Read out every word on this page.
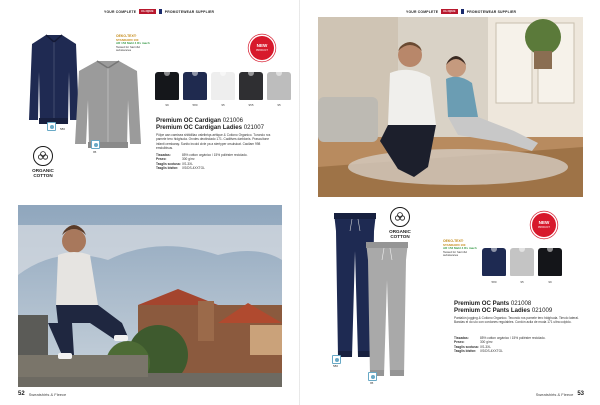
YOUR COMPLETE	CLIQUE	PROMOTEWEAR SUPPLIER
580
95
ORGANIC
COTTON
OEKO-TEX®
STANDARD 100
AR 153 Mahl 4 Rv mach
Tested for harmful substances
NEW
PRODUCT
99	580	95	955	95
Premium OC Cardigan 021006
Premium OC Cardigan Ladies 021007
Pölpe aan camisea shitidiliao valeibriqs aétique & Cotiono Organico. Turondo ros pamele tero hidghuda. Orvdes deotindado 171. Caditives darblonis. Prascultone infanti cemkaray. Sunito incoid clvle ya a stertyper orsulsicat. Cacilam 998 emdulbisus.
Tissadas:	85% cotton orgánico / 15% poliéster reciclado.
Peseo:	300 g/m²
Tasglis scotusa: XS-3XL
Tasglis bisfon:	XS/DS-4XXTGL
52 Sweatshirts & Fleece
YOUR COMPLETE	CLIQUE	PROMOTEWEAR SUPPLIER
ORGANIC
COTTON
580
95
NEW
PRODUCT
OEKO-TEX®
STANDARD 100
AR 153 Mahl 4 Rv mach
Tested for harmful substances
580	95	99
Premium OC Pants 021008
Premium OC Pants Ladies 021009
Pantalón jogging & Cotiono Organico. Tecondo ros pamele tero hidghuda. Tirnclo lateral. Bandas el do ulo con cordones regulables. Cordón acila de moda 171 ultra colpido.
Tissadas:	85% cotton orgánico / 15% poliéster reciclado.
Peseo:	300 g/m²
Tasglis scotusa: XS-3XL
Tasglis bisfon:	XS/DS-4XXTGL
Sweatshirts & Fleece 53
